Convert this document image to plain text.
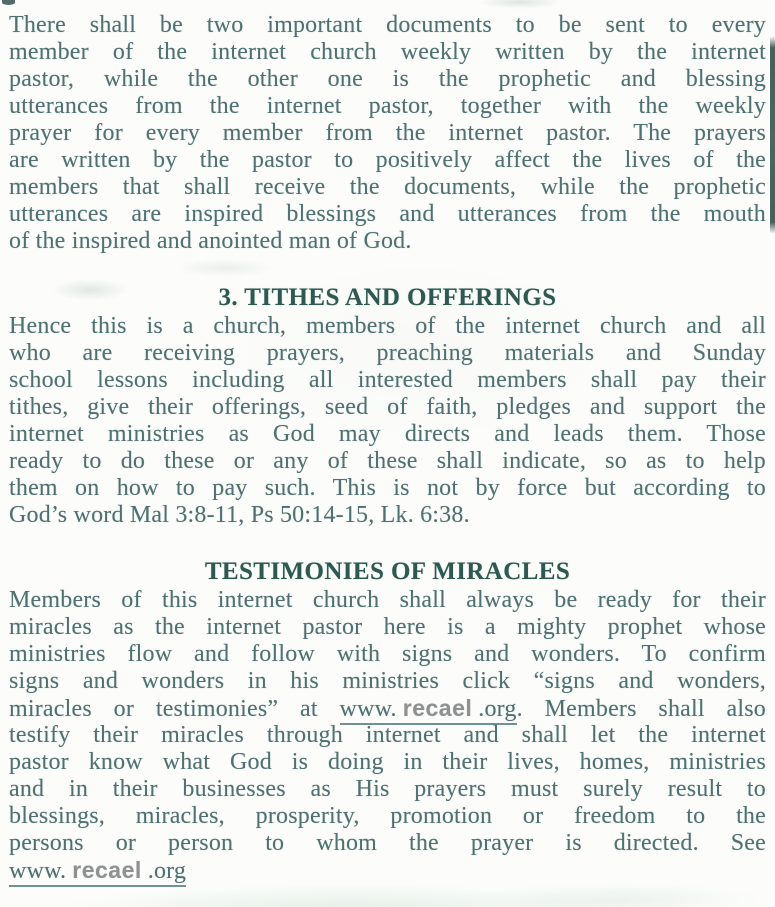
There shall be two important documents to be sent to every
member of the internet church weekly written by the internet
pastor, while the other one is the prophetic and blessing
utterances from the internet pastor, together with the weekly
prayer for every member from the internet pastor. The prayers
are written by the pastor to positively affect the lives of the
members that shall receive the documents, while the prophetic
utterances are inspired blessings and utterances from the mouth
of the inspired and anointed man of God.

3. TITHES AND OFFERINGS

Hence this is a church, members of the internet church and all
who are receiving prayers, preaching materials and Sunday
school lessons including all interested members shall pay their
tithes, give their offerings, seed of faith, pledges and support the
internet ministries as God may directs and leads them. Those
ready to do these or any of these shall indicate, so as to help
them on how to pay such. This is not by force but according to
God’s word Mal 3:8-11, Ps 50:14-15, Lk. 6:38.

TESTIMONIES OF MIRACLES

Members of this internet church shall always be ready for their
miracles as the internet pastor here is a mighty prophet whose
ministries flow and follow with signs and wonders. To confirm
signs and wonders in his ministries click “signs and wonders,
miracles or testimonies” at www. recael .org. Members shall also
testify their miracles through internet and shall let the internet
pastor know what God is doing in their lives, homes, ministries
and in their businesses as His prayers must surely result to
blessings, miracles, prosperity, promotion or freedom to the
persons or person to whom the prayer is directed. See
www. recael .org
